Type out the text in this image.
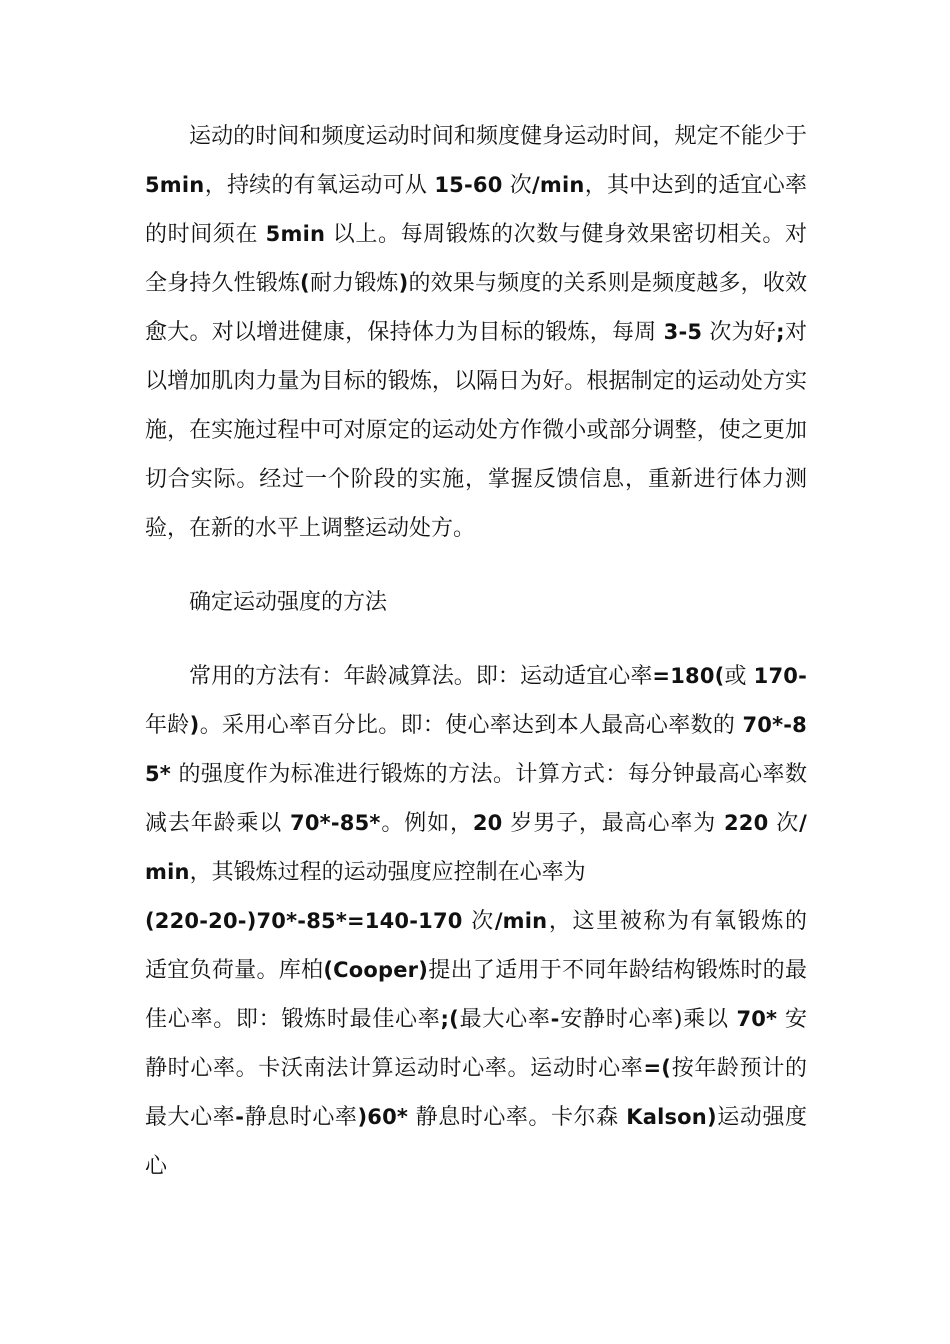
运动的时间和频度运动时间和频度健身运动时间，规定不能少于5min，持续的有氧运动可从 15-60 次/min，其中达到的适宜心率的时间须在 5min 以上。每周锻炼的次数与健身效果密切相关。对全身持久性锻炼(耐力锻炼)的效果与频度的关系则是频度越多，收效愈大。对以增进健康，保持体力为目标的锻炼，每周 3-5 次为好;对以增加肌肉力量为目标的锻炼，以隔日为好。根据制定的运动处方实施，在实施过程中可对原定的运动处方作微小或部分调整，使之更加切合实际。经过一个阶段的实施，掌握反馈信息，重新进行体力测验，在新的水平上调整运动处方。

确定运动强度的方法

常用的方法有：年龄减算法。即：运动适宜心率=180(或 170-年龄)。采用心率百分比。即：使心率达到本人最高心率数的 70*-85* 的强度作为标准进行锻炼的方法。计算方式：每分钟最高心率数减去年龄乘以 70*-85*。例如，20 岁男子，最高心率为 220 次/min，其锻炼过程的运动强度应控制在心率为
(220-20-)70*-85*=140-170 次/min，这里被称为有氧锻炼的适宜负荷量。库柏(Cooper)提出了适用于不同年龄结构锻炼时的最佳心率。即：锻炼时最佳心率;(最大心率-安静时心率)乘以 70* 安静时心率。卡沃南法计算运动时心率。运动时心率=(按年龄预计的最大心率-静息时心率)60* 静息时心率。卡尔森 Kalson)运动强度心
